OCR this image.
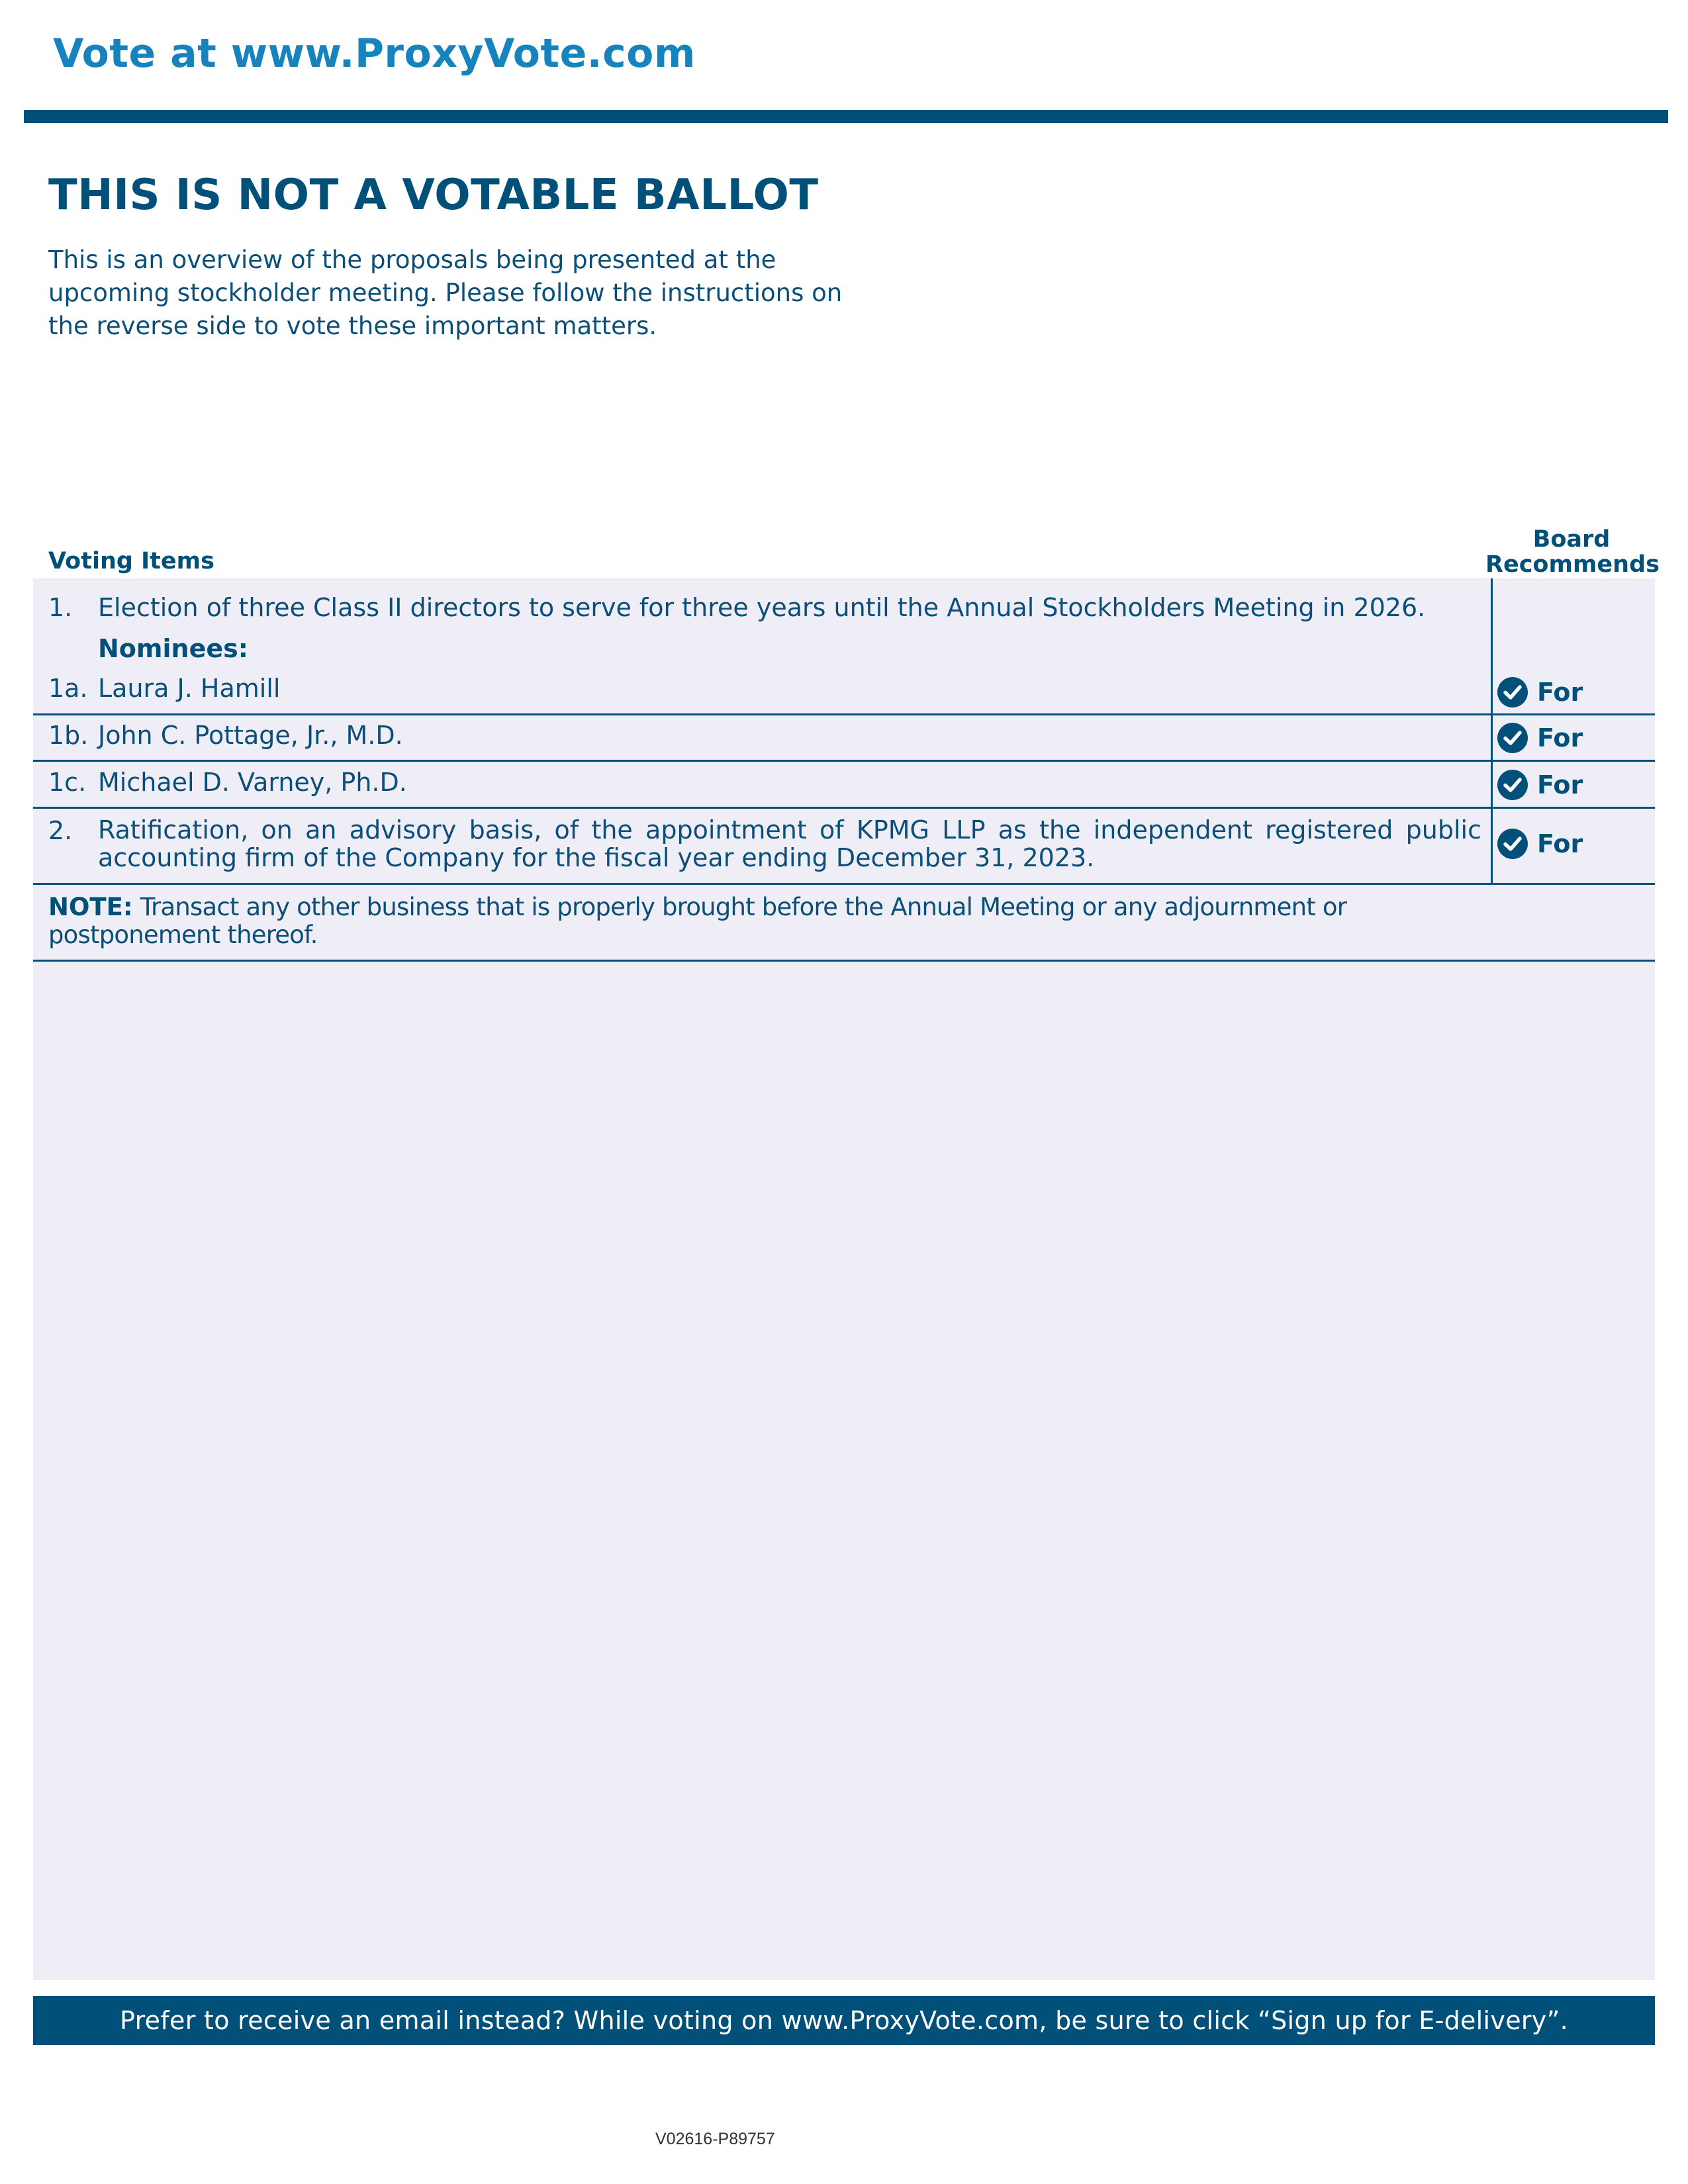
Vote at www.ProxyVote.com
THIS IS NOT A VOTABLE BALLOT
This is an overview of the proposals being presented at the
upcoming stockholder meeting. Please follow the instructions on
the reverse side to vote these important matters.
Voting Items
Board
Recommends
1. Election of three Class II directors to serve for three years until the Annual Stockholders Meeting in 2026.
Nominees:
1a. Laura J. Hamill	For
1b. John C. Pottage, Jr., M.D.	For
1c. Michael D. Varney, Ph.D.	For
2. Ratification, on an advisory basis, of the appointment of KPMG LLP as the independent registered public accounting firm of the Company for the fiscal year ending December 31, 2023.	For
NOTE: Transact any other business that is properly brought before the Annual Meeting or any adjournment or postponement thereof.
Prefer to receive an email instead? While voting on www.ProxyVote.com, be sure to click “Sign up for E-delivery”.
V02616-P89757
